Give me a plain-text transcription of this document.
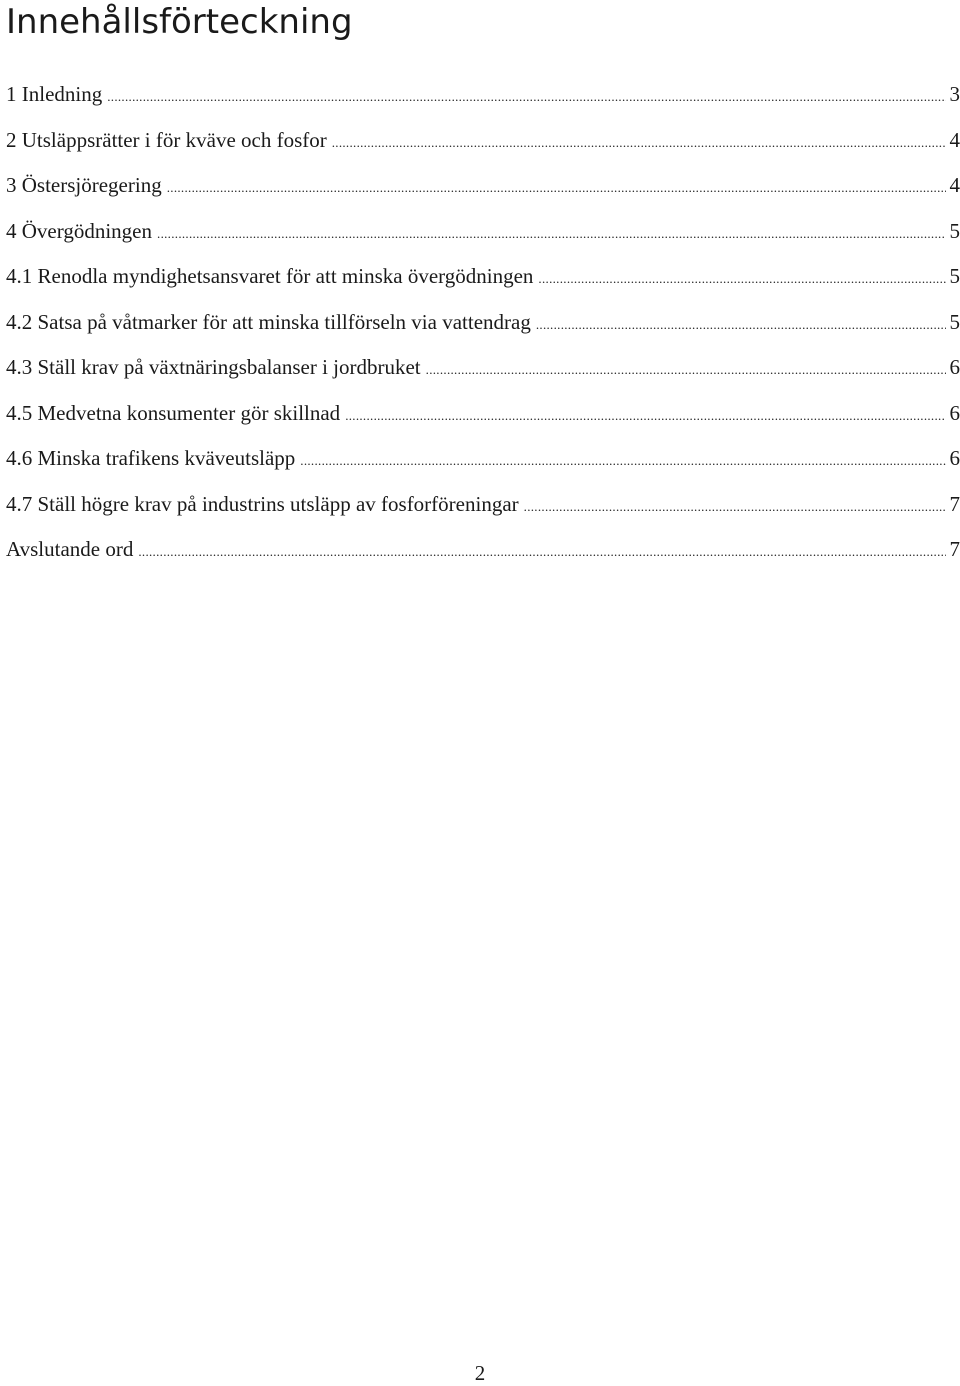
Innehållsförteckning
1 Inledning .....	3
2 Utsläppsrätter i för kväve och fosfor .....	4
3 Östersjöregering .....	4
4 Övergödningen .....	5
4.1 Renodla myndighetsansvaret för att minska övergödningen .....	5
4.2 Satsa på våtmarker för att minska tillförseln via vattendrag .....	5
4.3 Ställ krav på växtnäringsbalanser i jordbruket .....	6
4.5 Medvetna konsumenter gör skillnad .....	6
4.6 Minska trafikens kväveutsläpp .....	6
4.7 Ställ högre krav på industrins utsläpp av fosforföreningar .....	7
Avslutande ord .....	7
2
